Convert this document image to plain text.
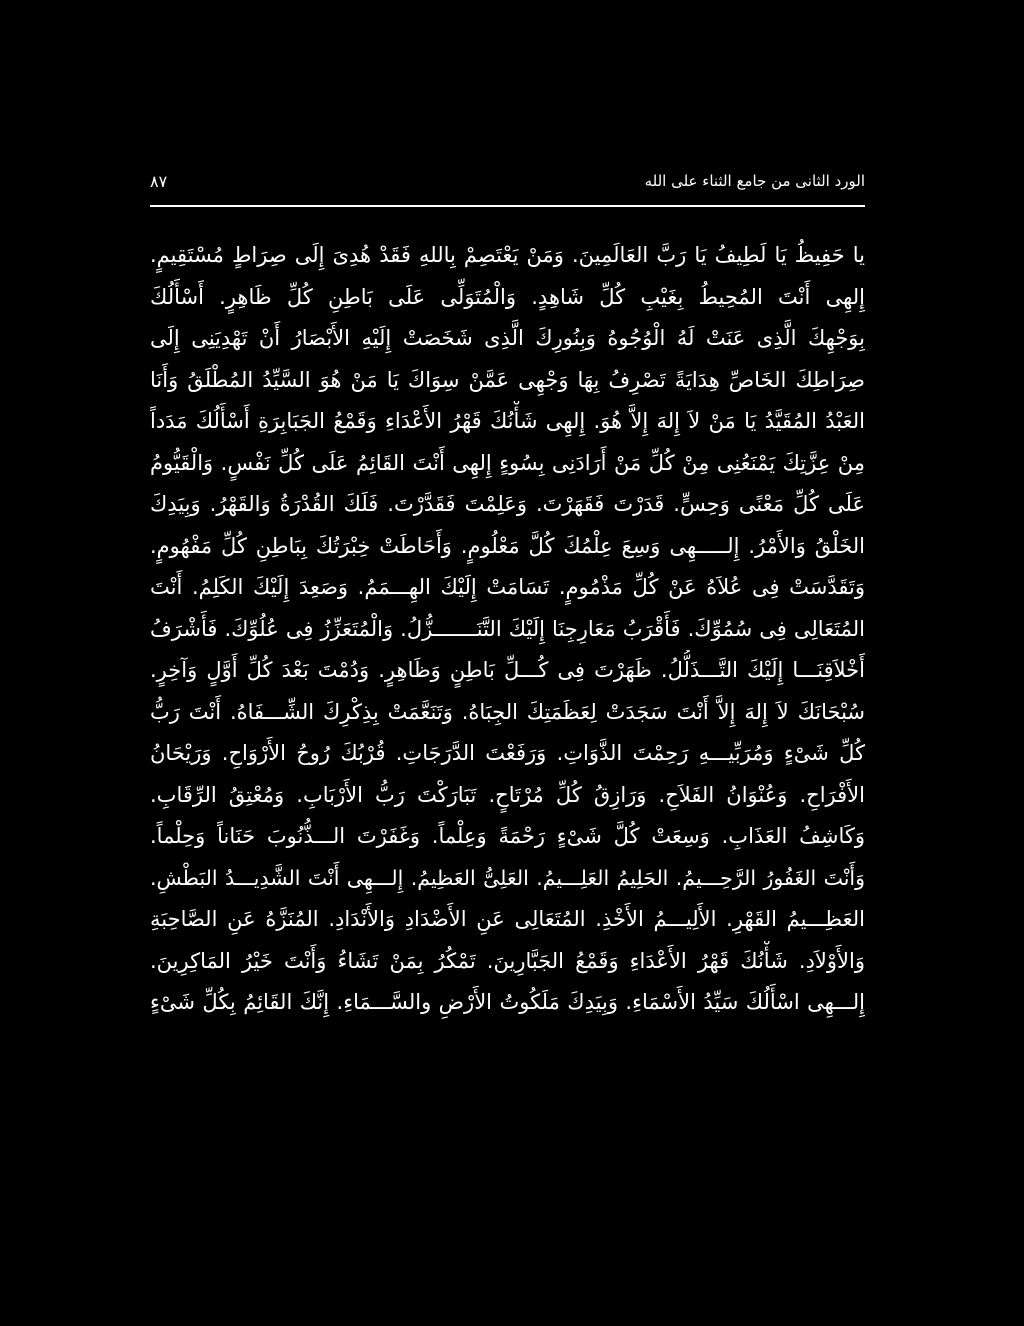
الورد الثانى من جامع الثناء على الله
٨٧
يا حَفِيظُ يَا لَطِيفُ يَا رَبَّ العَالَمِينَ. وَمَنْ يَعْتَصِمْ بِاللهِ فَقَدْ هُدِىَ إِلَى صِرَاطٍ مُسْتَقِيمٍ.
إِلهِى أَنْتَ المُحِيطُ بِغَيْبِ كُلِّ شَاهِدٍ. وَالْمُتَوَلِّى عَلَى بَاطِنِ كُلِّ ظَاهِرٍ. أَسْأَلُكَ
بِوَجْهِكَ الَّذِى عَنَتْ لَهُ الْوُجُوهُ وَبِنُورِكَ الَّذِى شَخَصَتْ إِلَيْهِ الأَبْصَارُ أَنْ تَهْدِيَنِى إِلَى
صِرَاطِكَ الخَاصِّ هِدَايَةً تَصْرِفُ بِهَا وَجْهِى عَمَّنْ سِوَاكَ يَا مَنْ هُوَ السَّيِّدُ المُطْلَقُ وَأَنَا
العَبْدُ المُقَيَّدُ يَا مَنْ لاَ إِلهَ إِلاَّ هُوَ. إِلهِى شَأْنُكَ قَهْرُ الأَعْدَاءِ وَقَمْعُ الجَبَابِرَةِ أَسْأَلُكَ مَدَداً
مِنْ عِزَّتِكَ يَمْنَعُنِى مِنْ كُلِّ مَنْ أَرَادَنِى بِسُوءٍ إِلهِى أَنْتَ القَائِمُ عَلَى كُلِّ نَفْسٍ. وَالْقَيُّومُ
عَلَى كُلِّ مَعْنًى وَحِسٍّ. قَدَرْتَ فَقَهَرْتَ. وَعَلِمْتَ فَقَدَّرْتَ. فَلَكَ القُدْرَةُ وَالقَهْرُ. وَبِيَدِكَ
الخَلْقُ وَالأَمْرُ. إِلـــــهِى وَسِعَ عِلْمُكَ كُلَّ مَعْلُومٍ. وَأَحَاطَتْ خِبْرَتُكَ بِبَاطِنِ كُلِّ مَفْهُومٍ.
وَتَقَدَّسَتْ فِى عُلاَهُ عَنْ كُلِّ مَذْمُومٍ. تَسَامَتْ إِلَيْكَ الهِـــمَمُ. وَصَعِدَ إِلَيْكَ الكَلِمُ. أَنْتَ
المُتَعَالِى فِى سُمُوِّكَ. فَأَقْرَبُ مَعَارِجِنَا إِلَيْكَ التَّنَـــــــزُّلُ. وَالْمُتَعَزِّزُ فِى عُلُوِّكَ. فَأَشْرَفُ
أَخْلاَقِنَـــا إِلَيْكَ التَّـــذَلُّلُ. ظَهَرْتَ فِى كُـــلِّ بَاطِنٍ وَظَاهِرٍ. وَدُمْتَ بَعْدَ كُلِّ أَوَّلٍ وَآخِرٍ.
سُبْحَانَكَ لاَ إِلهَ إِلاَّ أَنْتَ سَجَدَتْ لِعَظَمَتِكَ الجِبَاهُ. وَتَنَعَّمَتْ بِذِكْرِكَ الشِّـــفَاهُ. أَنْتَ رَبُّ
كُلِّ شَىْءٍ وَمُرَبِّيـــهِ رَحِمْتَ الذَّوَاتِ. وَرَفَعْتَ الدَّرَجَاتِ. قُرْبُكَ رُوحُ الأَرْوَاحِ. وَرَيْحَانُ
الأَفْرَاحِ. وَعُنْوَانُ الفَلاَحِ. وَرَازِقُ كُلِّ مُرْتَاحٍ. تَبَارَكْتَ رَبُّ الأَرْبَابِ. وَمُعْتِقُ الرِّقَابِ.
وَكَاشِفُ العَذَابِ. وَسِعَتْ كُلَّ شَىْءٍ رَحْمَةً وَعِلْماً. وَغَفَرْتَ الـــذُّنُوبَ حَنَاناً وَحِلْماً.
وَأَنْتَ الغَفُورُ الرَّحِـــيمُ. الحَلِيمُ العَلِـــيمُ. العَلِىُّ العَظِيمُ. إِلـــهِى أَنْتَ الشَّدِيـــدُ البَطْشِ.
العَظِـــيمُ القَهْرِ. الأَلِيـــمُ الأَخْذِ. المُتَعَالِى عَنِ الأَضْدَادِ وَالأَنْدَادِ. المُنَزَّهُ عَنِ الصَّاحِبَةِ
وَالأَوْلاَدِ. شَأْنُكَ قَهْرُ الأَعْدَاءِ وَقَمْعُ الجَبَّارِينَ. تَمْكُرُ بِمَنْ تَشَاءُ وَأَنْتَ خَيْرُ المَاكِرِينَ.
إِلـــهِى اسْأَلُكَ سَيِّدُ الأَسْمَاءِ. وَبِيَدِكَ مَلَكُوتُ الأَرْضِ والسَّـــمَاءِ. إِنَّكَ القَائِمُ بِكُلِّ شَىْءٍ
